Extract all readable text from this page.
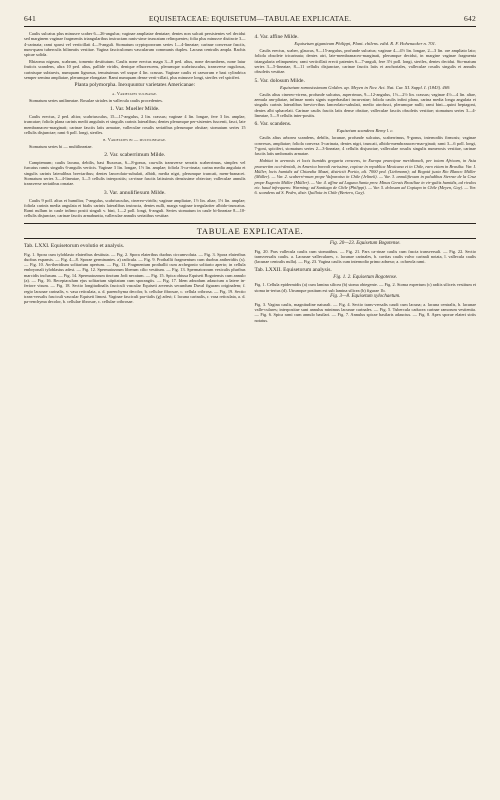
641	EQUISETACEAE: EQUISETUM—TABULAE EXPLICATAE.	642

Caulis sulcatus plus minusve scaber 6—26-angulus; vaginae ampliatae dentatae; dentes non sulcati persistentes vel decidui sed marginem vaginae fragmentis triangularibus instructam ranis-sime truncatum relinquentes; folia plus minusve distincte 3—4-carinata; rami sparsi vel verticillati 4—9-anguli. Stomatum cryptopororum series 1—4-lineatae; carinae convexae fasciis, num-quam tuberculis bilineatis vestitae. Vagina fasciculorum vascularum communis duplex. Lacuna centralis ampla. Rachis spicae solida.

Rhizoma nigrum, scabrum, tomento destitutum. Caulis none erectus magn 3—8 ped. altus, none decumbens, none latur fruticis scandens, altra 10 ped. altus, pallide viridis, denique efluorescens, plerumque scabriusculus, transverse rugulosus, carinisque subtarvis, numquam lignosus, tenuissimus vel usque 4 lin. crassus. Vaginae caulis et caesorum e basi cylindrica semper semina ampliatae, plerumque elongatae. Rami numquam dense verti-cillati, plus minusve longi, steriles vel spiciferi.

Planta polymorpha. Inexquuntur varietates Americanae:

a. Varietates sulinatae.

Stomatum series unilineatae. Rosulae striales in vallecula caulis procedentes.

1. Var. Mueller Milde.

Caulis erectus, 2 ped. altior, scabriusculus, 15—17-angulus, 2 lin. crassus; vaginae 4 lin. longae, fere 3 lin. amplae, truncatae; foliola plana carinis medii angulatis et singulis carinis lateralibus; dentes plerumque per-sistentes fuscenti, fasci, late membranaceo-marginati; carinae fasciis latis armatae, valleculae rosulis seriatibus plerumque obsitae; stomatum series 15 cellulis disjunctae; rami 6 poll. longi, steriles.

b. Varietates bi — multilineatae.

Stomatum series bi — multilineatae.

2. Var. scaberrimum Milde.

Campiemum; caulis lacuna, debilis, basi Ruxosus, 6—8-gonus, cau-ulis transverse serratis scaberrimus, simplex vel furcatus ramis singulis 6-angulis verticis. Vaginae 3 lin. longae, 1½ lin. amplae; foliola 3-ca-rinata; carina media angulata et singulis carinis lateralibus breviaribus; dentes lanceolato-subulati, albidi, media nigri, plerumque truncati, mem-branacei. Stomatum series 3—4-lineatae, 3—5 cellulis interpositis; ca-rinae fasciis latissimis densissime obtectae; valleculae annulis transverse seriatibus ornatae.

3. Var. annulifiexum Milde.

Caulis 9 poll. altus et humilior, 7-angulus, scabriusculus, cinereo-viridis; vaginae ampliatae, 1½ lin. altae, 1½ lin. amplae; foliola carinis media angulata et bialis carinis lateralibus instructa, dentes nulli, marga vaginae irregulariter albido-truncatus. Rami nullum in caule infimo positi singuli v. bini, 1—2 poll. longi, 6-anguli. Series stomatum in caule bi-lineatae 8—10-cellulis disjunctae, carinae fasciis armabuntta, valleculae annulis seriatibus vestitae.

4. Var. affine Milde.

Equisetum giganteum Philippi, Plant. chilens. edid. R. F. Hohenacker n. 701.

Caulis erectus, scaber, glaucus, 9—15-angulus, profunde sulcatus; vaginae 4—4½ lin. longae, 2—3 lin. ore ampliato lato; foliola obsolete tricarinata; dentes atri, late-membranaceo-marginati, plerumque decidui, in margine vaginae fragmenta triangularia relinquentes; rami verticillati erecti patentes 6—7-anguli, fere 3½ poll. longi, steriles, dentes decidui. Sto-matum series 3—5-lineatae, 8—11 cellulis disjunctae, carinae fasciis latis et anchoriales, valleculae rosulis singulis et annulis obsoletis vestitae.

5. Var. dolosum Milde.

Equisetum ramosissimum Golden. ap. Meyen in Nov. Act. Nat. Cur. XI. Suppl. I. (1843). 469.

Caulis altus cinereo-virens, profunde sulcatus, asperrimus, 9—12-angulus, 1½—2½ lin. crassus; vaginae 4½—4 lin. altae, aemula am-pliatae, infimae nonis signis superbasilari incurvatae; foliola caulis infini plana, carina media longa angulata et singulis carinis lateralibus brevio-ribus lanceolato-subulati, medio atrofusci, plerumque nulli; rami bini—quini heptagoni, dentes albi sphacelati. Carinae caulis fasciis latis dense obsitae, valleculae fasciis obsoletis vestitae; stomatum series 3—4-lineatae, 5—9 cellulis inter-positis.

6. Var. scandens.

Equisetum scandens Remy l. c.

Caulis altus arborea scandens, debilis, lacunae, profunde sulcatus, scaberrimus, 9-gonus, internodiis firmosis; vaginae convexas, ampliatae; foliola convexa 3-carinata, dentes nigri, truncati, albido-membranaceo-mar-ginati; rami 3—6 poll. longi, 7-goni, spiciferi, stomatum series 2—3-lineatae, 4 cellulis disjunctae, valleculae rosulis singulis numerosis vestitae, carinae fasciis latis umbonatis armatae.

Habitat in arenosis et locis humidis gregaria crescens, in Europa praecipue meridionali, per totam Africam, in Asia praesertim occi-dentali, in America boreali rarissime, copiose in republica Mexicana et in Chile, raro etiam in Brasilia. Var. I. Müller, locis humidis ad Chiandia Mazzi, districtit Portia, alt. 7000 ped. (Liebmann); ad Bogotá juxta Rio Blanco Müller (Müller). — Var. 2. scaberri-mum prope Valparaiso in Chile (Jelinek). — Var. 3. annulifiexum in paludibus Sierrae de la Cruz prope Eugenio Müller (Müller). — Var. 4. affine ad Laguna Santa prov. Minas Gerais Brasiliae in vir-gultis humidis, ad rivulos etc. haud infrequens: Warming; ad Santiago de Chile (Philippi). — Var. 5. dolosum ad Copiapo in Chile (Meyen, Gay). — Var. 6. scandens ad S. Pedro, distr. Quillota in Chile (Bertero, Gay).

TABULAE EXPLICATAE.

Tab. LXXI. Equisetorum evolutio et analysis.

Fig. 1. Spora cum tyloblasto elateribus destituta. — Fig. 2. Spora elateribus duobus circumvoluta. — Fig. 3. Spora elateribus duobus expansis. — Fig. 4—8. Sporae germinantes. a) radicula. — Fig. 9. Prothallii fragmentum cum duobus antheridiis (x). — Fig. 10. An-theridium solitarium apertum. — Fig. 11. Fragmentum prothallii cum archegonio solitario aperto; in cellula embryonali tyloblastus adest. — Fig. 12. Spermatozoum liberum cilio vestitum. — Fig. 13. Spermatozoum vesiculis pluribus marcidis inclusum. — Fig. 14. Spermatozoum tinctum Jodi necatum. — Fig. 15. Spica obtusa Equiseti Bogotensis cum annulo (a). — Fig. 16. Receptaculum ejus solitarium stipitatum cum sporangiis. — Fig. 17. Idem adnodum adauctum a latere in-feriore visum. — Fig. 18. Sectio longitudinalis fasciculi vascular Equiseti arvensis secundum Duval figuram originalem; f. regio lacunae carinalis, v. vasa reticulata, a. d. parenchyma decolor, b. cellulae fibrosae, c. cellula cribrosa. — Fig. 19. Sectio trans-versalis fasciculi vascular Equiseti limosi. Vaginae fasciculi par-tialis (g) adest; f. lacuna carinalis, r. vasa reticulata, a. d. pa-renchyma decolor, b. cellulae fibrosae, c. cellulae cribrosae.

Fig. 20—23. Equisetum Bogotense.

Fig. 20. Pars vallecula caulis cum stomatibus. — Fig. 21. Pars ca-rinae caulis cum fascia transversali. — Fig. 22. Sectio transversalis caulis. a. Lacunae valleculares, c. lacunae carinales, b. cavitas caulis valvo carinali notata, l. vallecula caulis (lacunae centralis nulla). — Fig. 23. Vagina caulis cum internodio primo adnexo; a. ochreola rami.

Tab. LXXII. Equisetorum analysis.

Fig. 1. 2. Equisetum Bogotense.

Fig. 1. Cellula epidermidis (a) cum lamina silicea (b) stoma obtegente. — Fig. 2. Stoma expertum (c) radiis siliceis vestitum et stoma in-terius (d). Utrumque positum est sub lamina silicea (b) figurae 1b.

Fig. 3—8. Equisetum xylochaetum.

Fig. 3. Vagina caulis, magnitudine naturali. — Fig. 4. Sectio trans-versalis caudi cum lacuna; a. lacuna centralis, b. lacunae valle-culares; interpositae sunt annulus minimus lacunae carinales. — Fig. 5. Tubercula caducea carinae ramorum vestientia. — Fig. 6. Spica rami cum annulo basilari. — Fig. 7. Annulus spicae basilaris adauctus. — Fig. 8. Apex sporae elateri striis notatus.
